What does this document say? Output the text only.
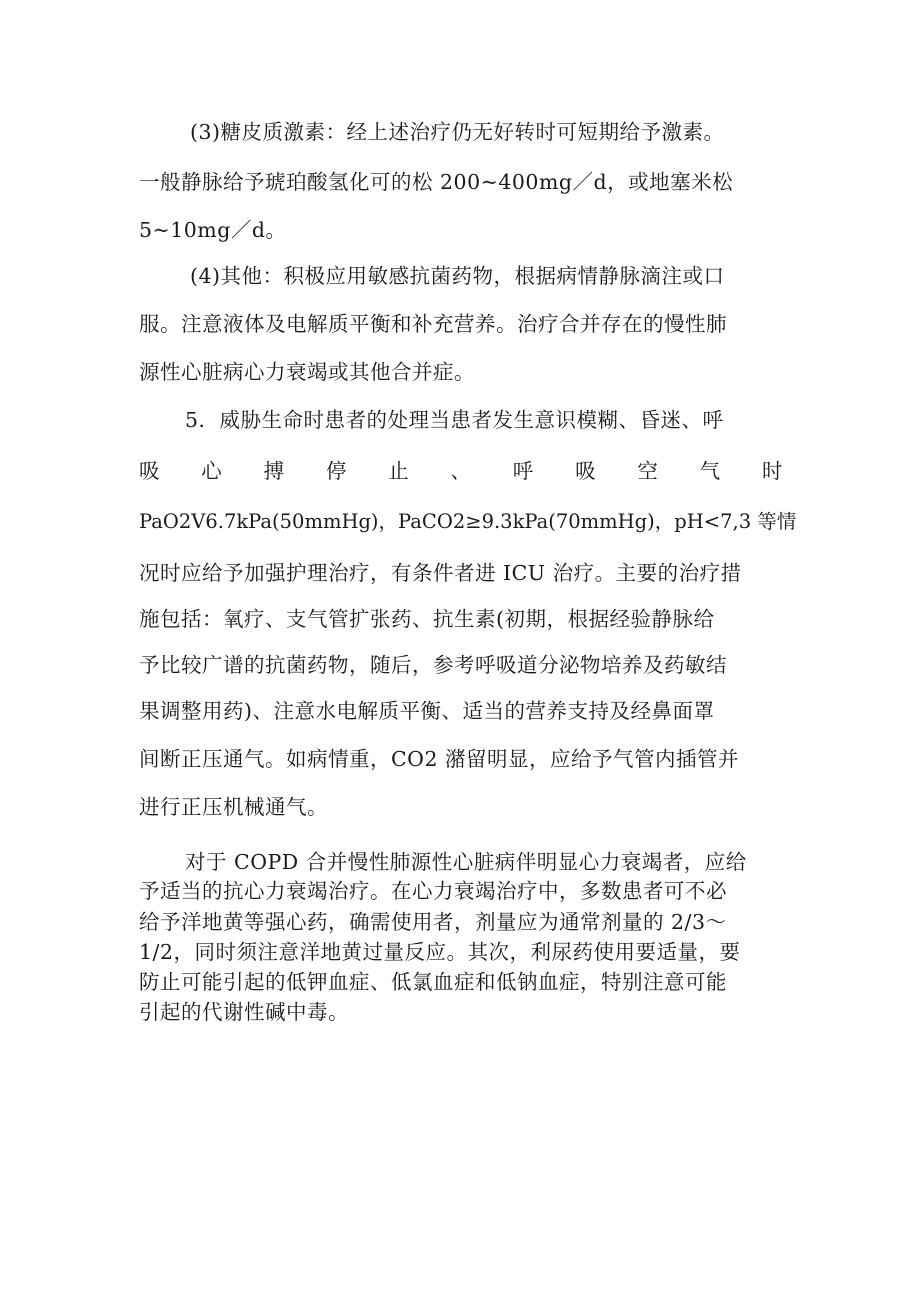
(3)糖皮质激素：经上述治疗仍无好转时可短期给予激素。
一般静脉给予琥珀酸氢化可的松 200~400mg／d，或地塞米松
5~10mg／d。
(4)其他：积极应用敏感抗菌药物，根据病情静脉滴注或口
服。注意液体及电解质平衡和补充营养。治疗合并存在的慢性肺
源性心脏病心力衰竭或其他合并症。
5．威胁生命时患者的处理当患者发生意识模糊、昏迷、呼
吸 心 搏 停 止 、 呼 吸 空 气 时
PaO2V6.7kPa(50mmHg)，PaCO2≥9.3kPa(70mmHg)，pH<7,3 等情
况时应给予加强护理治疗，有条件者进 ICU 治疗。主要的治疗措
施包括：氧疗、支气管扩张药、抗生素(初期，根据经验静脉给
予比较广谱的抗菌药物，随后，参考呼吸道分泌物培养及药敏结
果调整用药)、注意水电解质平衡、适当的营养支持及经鼻面罩
间断正压通气。如病情重，CO2 潴留明显，应给予气管内插管并
进行正压机械通气。
对于 COPD 合并慢性肺源性心脏病伴明显心力衰竭者，应给
予适当的抗心力衰竭治疗。在心力衰竭治疗中，多数患者可不必
给予洋地黄等强心药，确需使用者，剂量应为通常剂量的 2/3～
1/2，同时须注意洋地黄过量反应。其次，利尿药使用要适量，要
防止可能引起的低钾血症、低氯血症和低钠血症，特别注意可能
引起的代谢性碱中毒。
